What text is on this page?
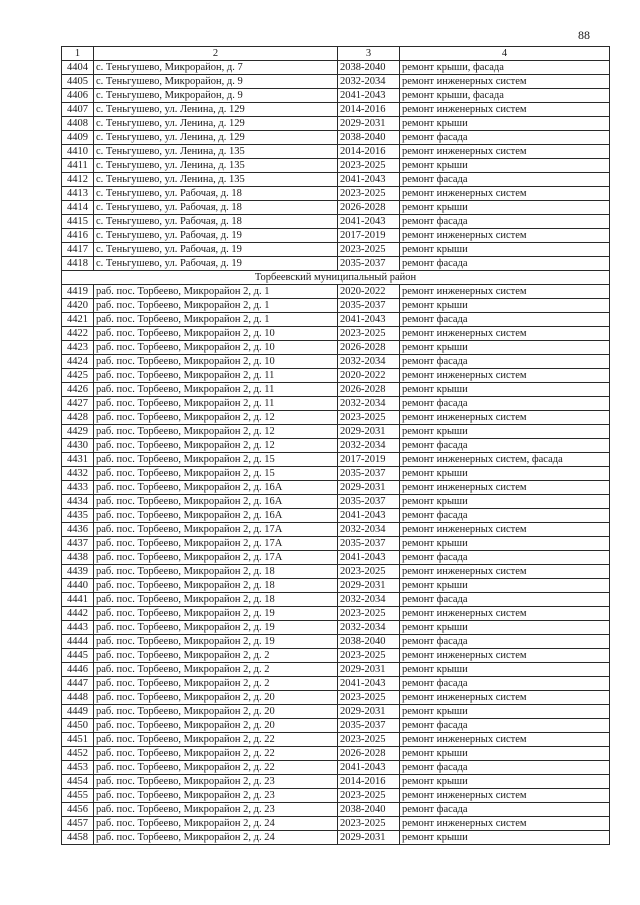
88
1	2	3	4
4404	с. Теньгушево, Микрорайон, д. 7	2038-2040	ремонт крыши, фасада
4405	с. Теньгушево, Микрорайон, д. 9	2032-2034	ремонт инженерных систем
4406	с. Теньгушево, Микрорайон, д. 9	2041-2043	ремонт крыши, фасада
4407	с. Теньгушево, ул. Ленина, д. 129	2014-2016	ремонт инженерных систем
4408	с. Теньгушево, ул. Ленина, д. 129	2029-2031	ремонт крыши
4409	с. Теньгушево, ул. Ленина, д. 129	2038-2040	ремонт фасада
4410	с. Теньгушево, ул. Ленина, д. 135	2014-2016	ремонт инженерных систем
4411	с. Теньгушево, ул. Ленина, д. 135	2023-2025	ремонт крыши
4412	с. Теньгушево, ул. Ленина, д. 135	2041-2043	ремонт фасада
4413	с. Теньгушево, ул. Рабочая, д. 18	2023-2025	ремонт инженерных систем
4414	с. Теньгушево, ул. Рабочая, д. 18	2026-2028	ремонт крыши
4415	с. Теньгушево, ул. Рабочая, д. 18	2041-2043	ремонт фасада
4416	с. Теньгушево, ул. Рабочая, д. 19	2017-2019	ремонт инженерных систем
4417	с. Теньгушево, ул. Рабочая, д. 19	2023-2025	ремонт крыши
4418	с. Теньгушево, ул. Рабочая, д. 19	2035-2037	ремонт фасада
Торбеевский муниципальный район			
4419	раб. пос. Торбеево, Микрорайон 2, д. 1	2020-2022	ремонт инженерных систем
4420	раб. пос. Торбеево, Микрорайон 2, д. 1	2035-2037	ремонт крыши
4421	раб. пос. Торбеево, Микрорайон 2, д. 1	2041-2043	ремонт фасада
4422	раб. пос. Торбеево, Микрорайон 2, д. 10	2023-2025	ремонт инженерных систем
4423	раб. пос. Торбеево, Микрорайон 2, д. 10	2026-2028	ремонт крыши
4424	раб. пос. Торбеево, Микрорайон 2, д. 10	2032-2034	ремонт фасада
4425	раб. пос. Торбеево, Микрорайон 2, д. 11	2020-2022	ремонт инженерных систем
4426	раб. пос. Торбеево, Микрорайон 2, д. 11	2026-2028	ремонт крыши
4427	раб. пос. Торбеево, Микрорайон 2, д. 11	2032-2034	ремонт фасада
4428	раб. пос. Торбеево, Микрорайон 2, д. 12	2023-2025	ремонт инженерных систем
4429	раб. пос. Торбеево, Микрорайон 2, д. 12	2029-2031	ремонт крыши
4430	раб. пос. Торбеево, Микрорайон 2, д. 12	2032-2034	ремонт фасада
4431	раб. пос. Торбеево, Микрорайон 2, д. 15	2017-2019	ремонт инженерных систем, фасада
4432	раб. пос. Торбеево, Микрорайон 2, д. 15	2035-2037	ремонт крыши
4433	раб. пос. Торбеево, Микрорайон 2, д. 16А	2029-2031	ремонт инженерных систем
4434	раб. пос. Торбеево, Микрорайон 2, д. 16А	2035-2037	ремонт крыши
4435	раб. пос. Торбеево, Микрорайон 2, д. 16А	2041-2043	ремонт фасада
4436	раб. пос. Торбеево, Микрорайон 2, д. 17А	2032-2034	ремонт инженерных систем
4437	раб. пос. Торбеево, Микрорайон 2, д. 17А	2035-2037	ремонт крыши
4438	раб. пос. Торбеево, Микрорайон 2, д. 17А	2041-2043	ремонт фасада
4439	раб. пос. Торбеево, Микрорайон 2, д. 18	2023-2025	ремонт инженерных систем
4440	раб. пос. Торбеево, Микрорайон 2, д. 18	2029-2031	ремонт крыши
4441	раб. пос. Торбеево, Микрорайон 2, д. 18	2032-2034	ремонт фасада
4442	раб. пос. Торбеево, Микрорайон 2, д. 19	2023-2025	ремонт инженерных систем
4443	раб. пос. Торбеево, Микрорайон 2, д. 19	2032-2034	ремонт крыши
4444	раб. пос. Торбеево, Микрорайон 2, д. 19	2038-2040	ремонт фасада
4445	раб. пос. Торбеево, Микрорайон 2, д. 2	2023-2025	ремонт инженерных систем
4446	раб. пос. Торбеево, Микрорайон 2, д. 2	2029-2031	ремонт крыши
4447	раб. пос. Торбеево, Микрорайон 2, д. 2	2041-2043	ремонт фасада
4448	раб. пос. Торбеево, Микрорайон 2, д. 20	2023-2025	ремонт инженерных систем
4449	раб. пос. Торбеево, Микрорайон 2, д. 20	2029-2031	ремонт крыши
4450	раб. пос. Торбеево, Микрорайон 2, д. 20	2035-2037	ремонт фасада
4451	раб. пос. Торбеево, Микрорайон 2, д. 22	2023-2025	ремонт инженерных систем
4452	раб. пос. Торбеево, Микрорайон 2, д. 22	2026-2028	ремонт крыши
4453	раб. пос. Торбеево, Микрорайон 2, д. 22	2041-2043	ремонт фасада
4454	раб. пос. Торбеево, Микрорайон 2, д. 23	2014-2016	ремонт крыши
4455	раб. пос. Торбеево, Микрорайон 2, д. 23	2023-2025	ремонт инженерных систем
4456	раб. пос. Торбеево, Микрорайон 2, д. 23	2038-2040	ремонт фасада
4457	раб. пос. Торбеево, Микрорайон 2, д. 24	2023-2025	ремонт инженерных систем
4458	раб. пос. Торбеево, Микрорайон 2, д. 24	2029-2031	ремонт крыши
